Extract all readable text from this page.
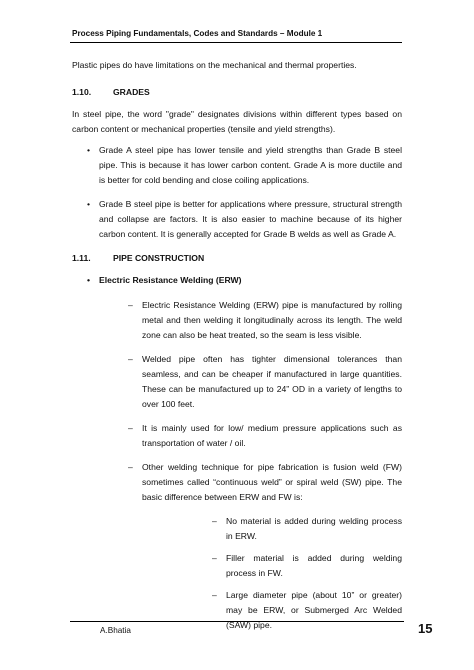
Process Piping Fundamentals, Codes and Standards – Module 1

Plastic pipes do have limitations on the mechanical and thermal properties.

1.10.	GRADES

In steel pipe, the word "grade" designates divisions within different types based on carbon content or mechanical properties (tensile and yield strengths).

• Grade A steel pipe has lower tensile and yield strengths than Grade B steel pipe. This is because it has lower carbon content. Grade A is more ductile and is better for cold bending and close coiling applications.
• Grade B steel pipe is better for applications where pressure, structural strength and collapse are factors. It is also easier to machine because of its higher carbon content. It is generally accepted for Grade B welds as well as Grade A.
1.11.	PIPE CONSTRUCTION
• Electric Resistance Welding (ERW)
– Electric Resistance Welding (ERW) pipe is manufactured by rolling metal and then welding it longitudinally across its length. The weld zone can also be heat treated, so the seam is less visible.
– Welded pipe often has tighter dimensional tolerances than seamless, and can be cheaper if manufactured in large quantities. These can be manufactured up to 24” OD in a variety of lengths to over 100 feet.
– It is mainly used for low/ medium pressure applications such as transportation of water / oil.
– Other welding technique for pipe fabrication is fusion weld (FW) sometimes called “continuous weld” or spiral weld (SW) pipe. The basic difference between ERW and FW is:
– No material is added during welding process in ERW.
– Filler material is added during welding process in FW.
– Large diameter pipe (about 10” or greater) may be ERW, or Submerged Arc Welded (SAW) pipe.
A.Bhatia	15
